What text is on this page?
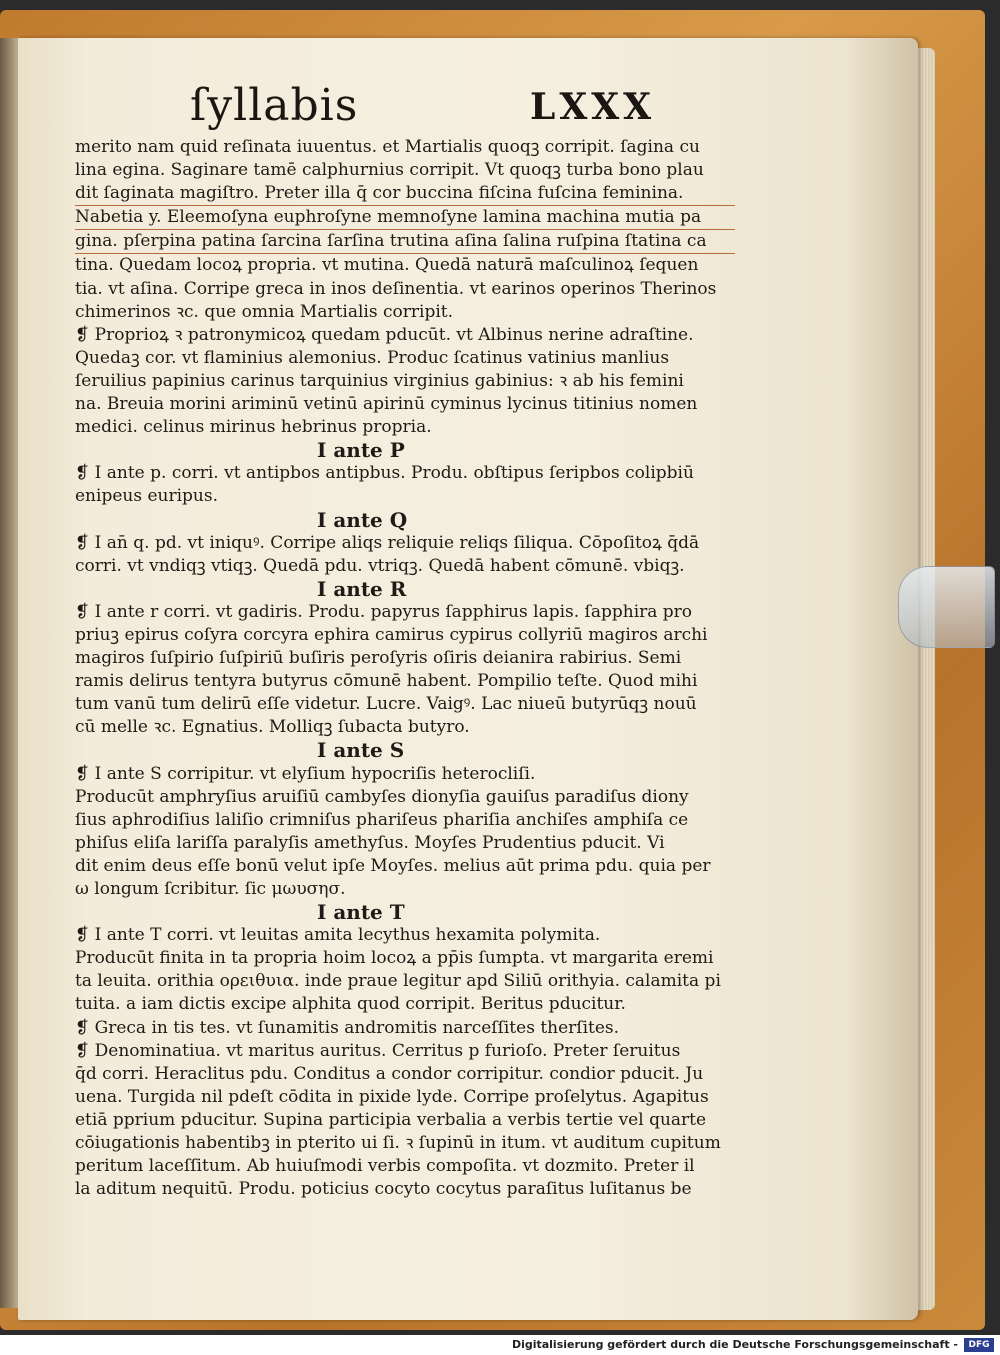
ſyllabis	LXXX
merito nam quid reſinata iuuentus. et Martialis quoqꝫ corripit. ſagina cu
lina egina. Saginare tamē calphurnius corripit. Vt quoqꝫ turba bono plau
dit ſaginata magiſtro. Preter illa q̄ cor buccina fiſcina fuſcina feminina.
Nabetia y. Eleemoſyna euphroſyne memnoſyne lamina machina mutia pa
gina. pſerpina patina ſarcina ſarſina trutina aſina ſalina ruſpina ſtatina ca
tina. Quedam locoꝝ propria. vt mutina. Quedā naturā maſculinoꝝ ſequen
tia. vt aſina. Corripe greca in inos deſinentia. vt earinos operinos Therinos
chimerinos ꝛc. que omnia Martialis corripit.
❡ Proprioꝝ ꝛ patronymicoꝝ quedam pducūt. vt Albinus nerine adraſtine.
Quedaꝫ cor. vt flaminius alemonius. Produc ſcatinus vatinius manlius
ſeruilius papinius carinus tarquinius virginius gabinius: ꝛ ab his femini
na. Breuia morini ariminū vetinū apirinū cyminus lycinus titinius nomen
medici. celinus mirinus hebrinus propria.
I ante P
❡ I ante p. corri. vt antipbos antipbus. Produ. obſtipus ſeripbos colipbiū
enipeus euripus.
I ante Q
❡ I an̄ q. pd. vt iniquꝰ. Corripe aliqs reliquie reliqs ſiliqua. Cōpoſitoꝝ q̄dā
corri. vt vndiqꝫ vtiqꝫ. Quedā pdu. vtriqꝫ. Quedā habent cōmunē. vbiqꝫ.
I ante R
❡ I ante r corri. vt gadiris. Produ. papyrus ſapphirus lapis. ſapphira pro
priuꝫ epirus coſyra corcyra ephira camirus cypirus collyriū magiros archi
magiros ſuſpirio ſuſpiriū buſiris peroſyris oſiris deianira rabirius. Semi
ramis delirus tentyra butyrus cōmunē habent. Pompilio teſte. Quod mihi
tum vanū tum delirū eſſe videtur. Lucre. Vaigꝰ. Lac niueū butyrūqꝫ nouū
cū melle ꝛc. Egnatius. Molliqꝫ ſubacta butyro.
I ante S
❡ I ante S corripitur. vt elyſium hypocriſis heterocliſi.
Producūt amphryſius aruiſiū cambyſes dionyſia gauiſus paradiſus diony
ſius aphrodiſius laliſio crimniſus phariſeus phariſia anchiſes amphiſa ce
phiſus eliſa lariſſa paralyſis amethyſus. Moyſes Prudentius pducit. Vi
dit enim deus eſſe bonū velut ipſe Moyſes. melius aūt prima pdu. quia per
ω longum ſcribitur. ſic μωυσησ.
I ante T
❡ I ante T corri. vt leuitas amita lecythus hexamita polymita.
Producūt finita in ta propria hoim locoꝝ a pp̄is ſumpta. vt margarita eremi
ta leuita. orithia ορειθυια. inde praue legitur apd Siliū orithyia. calamita pi
tuita. a iam dictis excipe alphita quod corripit. Beritus pducitur.
❡ Greca in tis tes. vt ſunamitis andromitis narceſſites therſites.
❡ Denominatiua. vt maritus auritus. Cerritus p furioſo. Preter ſeruitus
q̄d corri. Heraclitus pdu. Conditus a condor corripitur. condior pducit. Ju
uena. Turgida nil pdeſt cōdita in pixide lyde. Corripe proſelytus. Agapitus
etiā pprium pducitur. Supina participia verbalia a verbis tertie vel quarte
cōiugationis habentibꝫ in pterito ui ſi. ꝛ ſupinū in itum. vt auditum cupitum
peritum laceſſitum. Ab huiuſmodi verbis compoſita. vt dozmito. Preter il
la aditum nequitū. Produ. poticius cocyto cocytus paraſitus luſitanus be
Digitalisierung gefördert durch die Deutsche Forschungsgemeinschaft -	DFG
